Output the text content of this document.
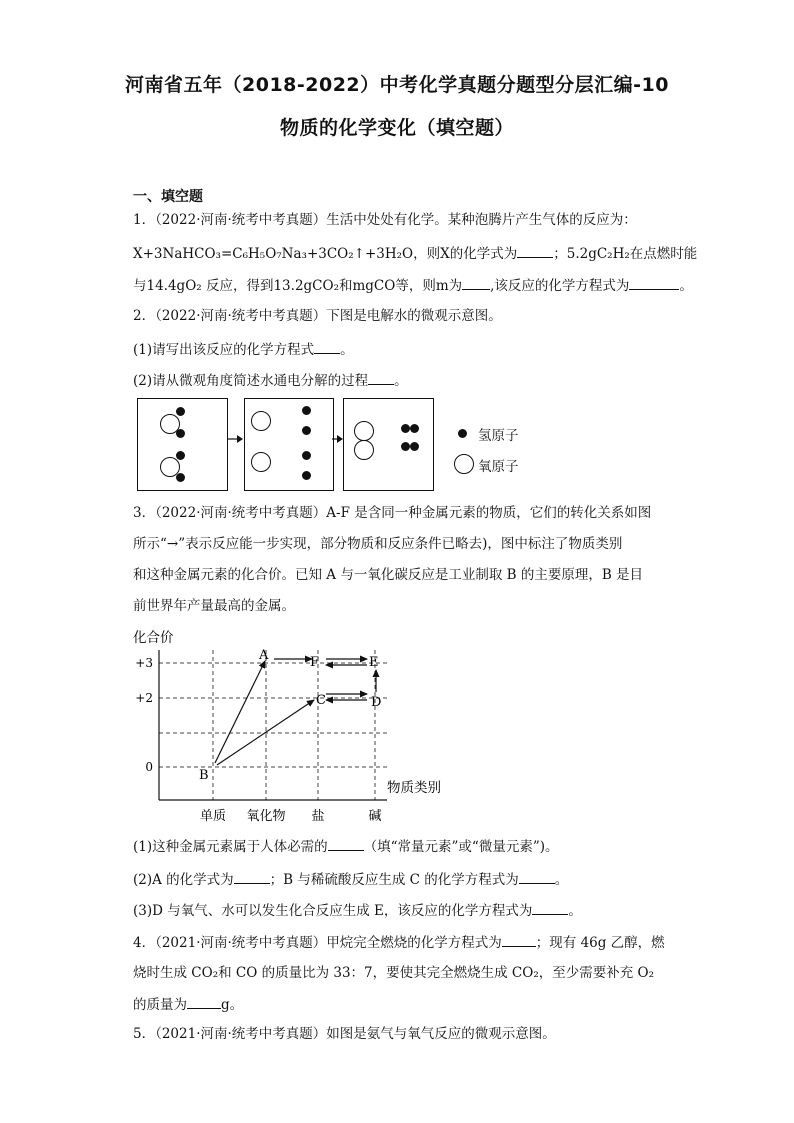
河南省五年（2018-2022）中考化学真题分题型分层汇编-10
物质的化学变化（填空题）
一、填空题
1．（2022·河南·统考中考真题）生活中处处有化学。某种泡腾片产生气体的反应为：
X+3NaHCO₃=C₆H₅O₇Na₃+3CO₂↑+3H₂O，则X的化学式为	；5.2gC₂H₂在点燃时能
与14.4gO₂ 反应，得到13.2gCO₂和mgCO等，则m为 ,该反应的化学方程式为	。
2．（2022·河南·统考中考真题）下图是电解水的微观示意图。
(1)请写出该反应的化学方程式 。
(2)请从微观角度简述水通电分解的过程 。
氢原子
氧原子
3．（2022·河南·统考中考真题）A-F 是含同一种金属元素的物质，它们的转化关系如图
所示“→”表示反应能一步实现，部分物质和反应条件已略去)，图中标注了物质类别
和这种金属元素的化合价。已知 A 与一氧化碳反应是工业制取 B 的主要原理，B 是目
前世界年产量最高的金属。
化合价
物质类别
+3
+2
0
单质 氧化物 盐	碱
A
B
C	D
E
F
(1)这种金属元素属于人体必需的	（填“常量元素”或“微量元素”)。
(2)A 的化学式为	；B 与稀硫酸反应生成 C 的化学方程式为	。
(3)D 与氧气、水可以发生化合反应生成 E，该反应的化学方程式为	。
4．（2021·河南·统考中考真题）甲烷完全燃烧的化学方程式为	；现有 46g 乙醇，燃
烧时生成 CO₂和 CO 的质量比为 33：7，要使其完全燃烧生成 CO₂，至少需要补充 O₂
的质量为	g。
5．（2021·河南·统考中考真题）如图是氨气与氧气反应的微观示意图。
